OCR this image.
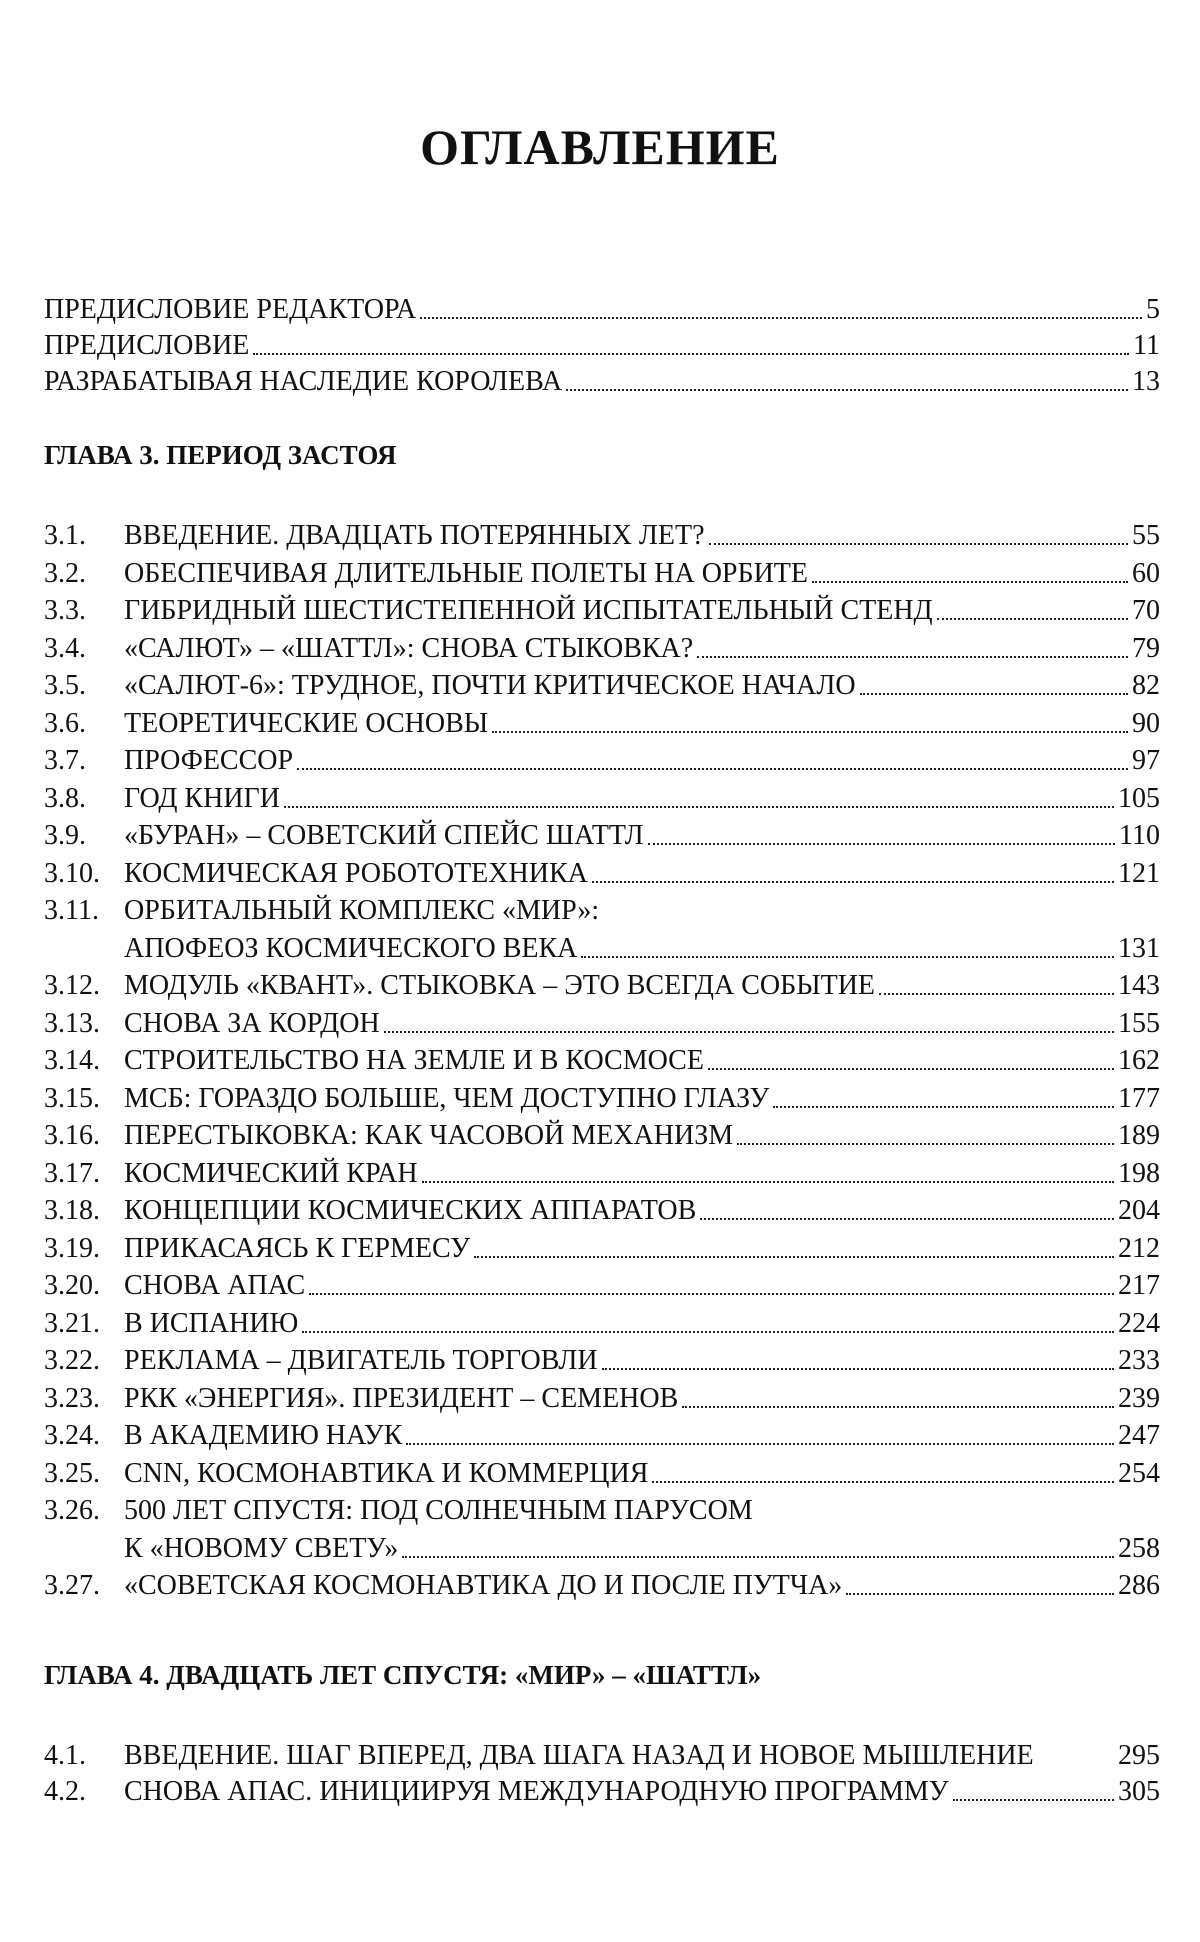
ОГЛАВЛЕНИЕ
ПРЕДИСЛОВИЕ РЕДАКТОРА	5
ПРЕДИСЛОВИЕ	11
РАЗРАБАТЫВАЯ НАСЛЕДИЕ КОРОЛЕВА	13
ГЛАВА 3. ПЕРИОД ЗАСТОЯ
3.1.	ВВЕДЕНИЕ. ДВАДЦАТЬ ПОТЕРЯННЫХ ЛЕТ?	55
3.2.	ОБЕСПЕЧИВАЯ ДЛИТЕЛЬНЫЕ ПОЛЕТЫ НА ОРБИТЕ	60
3.3.	ГИБРИДНЫЙ ШЕСТИСТЕПЕННОЙ ИСПЫТАТЕЛЬНЫЙ СТЕНД	70
3.4.	«САЛЮТ» – «ШАТТЛ»: СНОВА СТЫКОВКА?	79
3.5.	«САЛЮТ-6»: ТРУДНОЕ, ПОЧТИ КРИТИЧЕСКОЕ НАЧАЛО	82
3.6.	ТЕОРЕТИЧЕСКИЕ ОСНОВЫ	90
3.7.	ПРОФЕССОР	97
3.8.	ГОД КНИГИ	105
3.9.	«БУРАН» – СОВЕТСКИЙ СПЕЙС ШАТТЛ	110
3.10. КОСМИЧЕСКАЯ РОБОТОТЕХНИКА	121
3.11. ОРБИТАЛЬНЫЙ КОМПЛЕКС «МИР»:
АПОФЕОЗ КОСМИЧЕСКОГО ВЕКА	131
3.12. МОДУЛЬ «КВАНТ». СТЫКОВКА – ЭТО ВСЕГДА СОБЫТИЕ	143
3.13. СНОВА ЗА КОРДОН	155
3.14. СТРОИТЕЛЬСТВО НА ЗЕМЛЕ И В КОСМОСЕ	162
3.15. МСБ: ГОРАЗДО БОЛЬШЕ, ЧЕМ ДОСТУПНО ГЛАЗУ	177
3.16. ПЕРЕСТЫКОВКА: КАК ЧАСОВОЙ МЕХАНИЗМ	189
3.17. КОСМИЧЕСКИЙ КРАН	198
3.18. КОНЦЕПЦИИ КОСМИЧЕСКИХ АППАРАТОВ	204
3.19. ПРИКАСАЯСЬ К ГЕРМЕСУ	212
3.20. СНОВА АПАС	217
3.21. В ИСПАНИЮ	224
3.22. РЕКЛАМА – ДВИГАТЕЛЬ ТОРГОВЛИ	233
3.23. РКК «ЭНЕРГИЯ». ПРЕЗИДЕНТ – СЕМЕНОВ	239
3.24. В АКАДЕМИЮ НАУК	247
3.25. CNN, КОСМОНАВТИКА И КОММЕРЦИЯ	254
3.26. 500 ЛЕТ СПУСТЯ: ПОД СОЛНЕЧНЫМ ПАРУСОМ
К «НОВОМУ СВЕТУ»	258
3.27. «СОВЕТСКАЯ КОСМОНАВТИКА ДО И ПОСЛЕ ПУТЧА»	286
ГЛАВА 4. ДВАДЦАТЬ ЛЕТ СПУСТЯ: «МИР» – «ШАТТЛ»
4.1.	ВВЕДЕНИЕ. ШАГ ВПЕРЕД, ДВА ШАГА НАЗАД И НОВОЕ МЫШЛЕНИЕ	295
4.2.	СНОВА АПАС. ИНИЦИИРУЯ МЕЖДУНАРОДНУЮ ПРОГРАММУ	305
